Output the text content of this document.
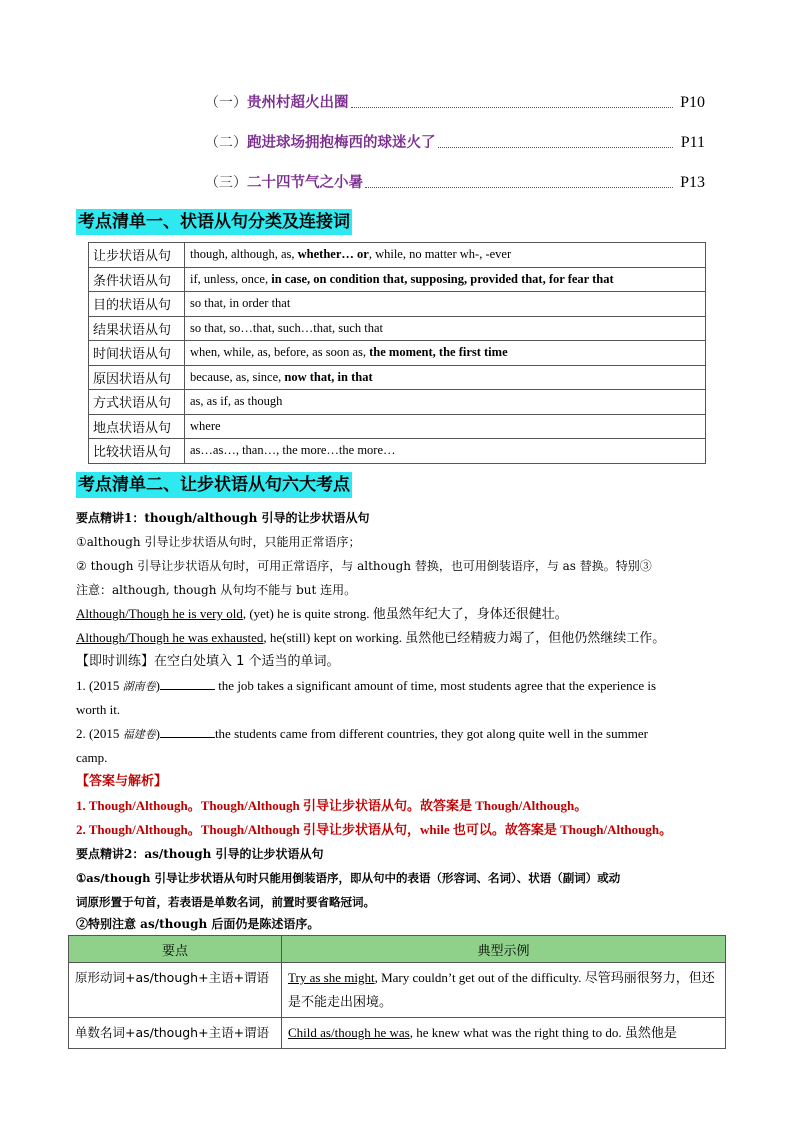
（一） 贵州村超火出圈	P10
（二） 跑进球场拥抱梅西的球迷火了	P11
（三） 二十四节气之小暑	P13
考点清单一、状语从句分类及连接词
让步状语从句	though, although, as, whether… or, while, no matter wh-, -ever
条件状语从句	if, unless, once, in case, on condition that, supposing, provided that, for fear that
目的状语从句	so that, in order that
结果状语从句	so that, so…that, such…that, such that
时间状语从句	when, while, as, before, as soon as, the moment, the first time
原因状语从句	because, as, since, now that, in that
方式状语从句	as, as if, as though
地点状语从句	where
比较状语从句	as…as…, than…, the more…the more…
考点清单二、让步状语从句六大考点
要点精讲1：though/although 引导的让步状语从句
①although 引导让步状语从句时，只能用正常语序；
② though 引导让步状语从句时，可用正常语序，与 although 替换，也可用倒装语序，与 as 替换。特别③
注意：although, though 从句均不能与 but 连用。
Although/Though he is very old, (yet) he is quite strong. 他虽然年纪大了，身体还很健壮。
Although/Though he was exhausted, he(still) kept on working. 虽然他已经精疲力竭了，但他仍然继续工作。
【即时训练】在空白处填入 1 个适当的单词。
1. (2015 湖南卷)	the job takes a significant amount of time, most students agree that the experience is
worth it.
2. (2015 福建卷)	the students came from different countries, they got along quite well in the summer
camp.
【答案与解析】
1. Though/Although。Though/Although 引导让步状语从句。故答案是 Though/Although。
2. Though/Although。Though/Although 引导让步状语从句，while 也可以。故答案是 Though/Although。
要点精讲2：as/though 引导的让步状语从句
①as/though 引导让步状语从句时只能用倒装语序，即从句中的表语（形容词、名词）、状语（副词）或动
词原形置于句首，若表语是单数名词，前置时要省略冠词。
②特别注意 as/though 后面仍是陈述语序。
要点	典型示例
原形动词+as/though+主语+谓语	Try as she might, Mary couldn’t get out of the difficulty. 尽管玛丽很努力，但还是不能走出困境。
单数名词+as/though+主语+谓语	Child as/though he was, he knew what was the right thing to do. 虽然他是
